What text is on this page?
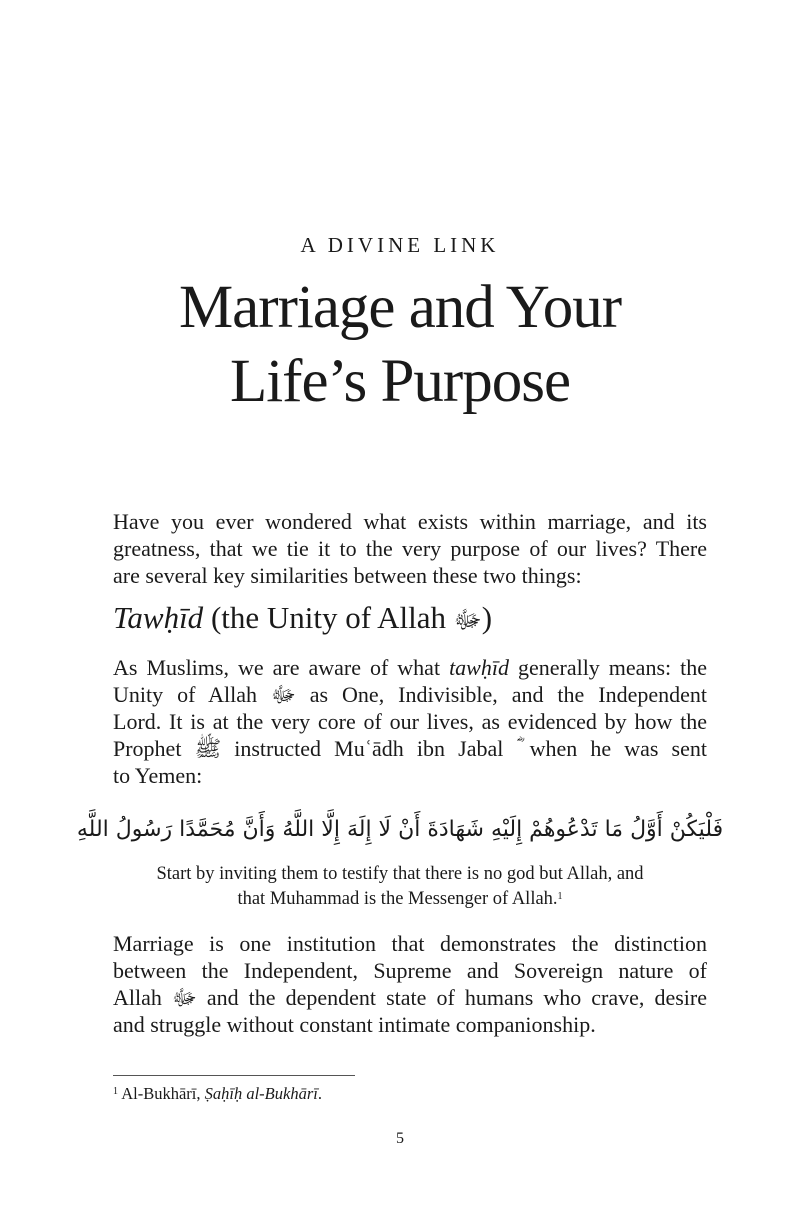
A DIVINE LINK
Marriage and Your
Life’s Purpose
Have you ever wondered what exists within marriage, and its
greatness, that we tie it to the very purpose of our lives? There
are several key similarities between these two things:
Tawḥīd (the Unity of Allah ﷻ)
As Muslims, we are aware of what tawḥīd generally means: the
Unity of Allah ﷻ as One, Indivisible, and the Independent
Lord. It is at the very core of our lives, as evidenced by how the
Prophet ﷺ instructed Muʿādh ibn Jabal ؓ when he was sent
to Yemen:
فَلْيَكُنْ أَوَّلُ مَا تَدْعُوهُمْ إِلَيْهِ شَهَادَةَ أَنْ لَا إِلَهَ إِلَّا اللَّهُ وَأَنَّ مُحَمَّدًا رَسُولُ اللَّهِ
Start by inviting them to testify that there is no god but Allah, and
that Muhammad is the Messenger of Allah.$^1$
Marriage is one institution that demonstrates the distinction
between the Independent, Supreme and Sovereign nature of
Allah ﷻ and the dependent state of humans who crave, desire
and struggle without constant intimate companionship.
$^1$ Al-Bukhārī, Ṣaḥīḥ al-Bukhārī.
5
